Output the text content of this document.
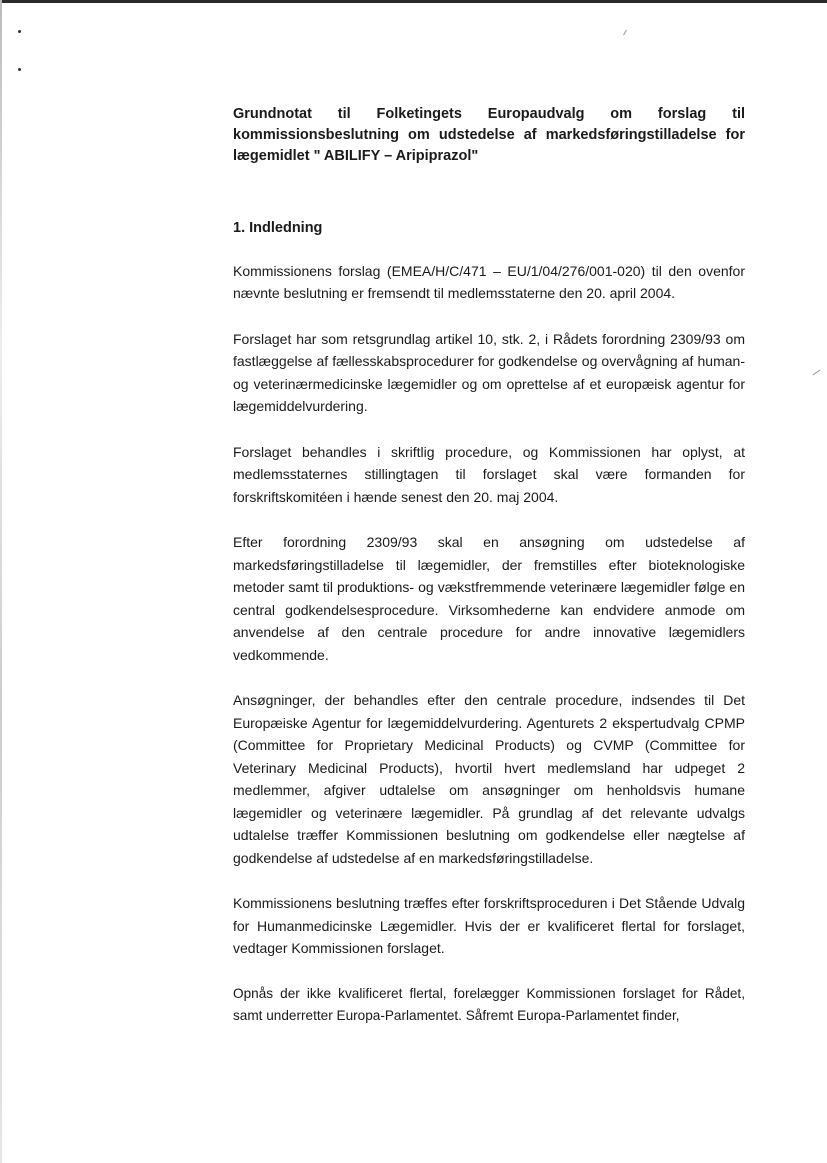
Grundnotat til Folketingets Europaudvalg om forslag til kommissionsbeslutning om udstedelse af markedsføringstilladelse for lægemidlet " ABILIFY – Aripiprazol"

1. Indledning

Kommissionens forslag (EMEA/H/C/471 – EU/1/04/276/001-020) til den ovenfor nævnte beslutning er fremsendt til medlemsstaterne den 20. april 2004.

Forslaget har som retsgrundlag artikel 10, stk. 2, i Rådets forordning 2309/93 om fastlæggelse af fællesskabsprocedurer for godkendelse og overvågning af human- og veterinærmedicinske lægemidler og om oprettelse af et europæisk agentur for lægemiddelvurdering.

Forslaget behandles i skriftlig procedure, og Kommissionen har oplyst, at medlemsstaternes stillingtagen til forslaget skal være formanden for forskriftskomitéen i hænde senest den 20. maj 2004.

Efter forordning 2309/93 skal en ansøgning om udstedelse af markedsføringstilladelse til lægemidler, der fremstilles efter bioteknologiske metoder samt til produktions- og vækstfremmende veterinære lægemidler følge en central godkendelsesprocedure. Virksomhederne kan endvidere anmode om anvendelse af den centrale procedure for andre innovative lægemidlers vedkommende.

Ansøgninger, der behandles efter den centrale procedure, indsendes til Det Europæiske Agentur for lægemiddelvurdering. Agenturets 2 ekspertudvalg CPMP (Committee for Proprietary Medicinal Products) og CVMP (Committee for Veterinary Medicinal Products), hvortil hvert medlemsland har udpeget 2 medlemmer, afgiver udtalelse om ansøgninger om henholdsvis humane lægemidler og veterinære lægemidler. På grundlag af det relevante udvalgs udtalelse træffer Kommissionen beslutning om godkendelse eller nægtelse af godkendelse af udstedelse af en markedsføringstilladelse.

Kommissionens beslutning træffes efter forskriftsproceduren i Det Stående Udvalg for Humanmedicinske Lægemidler. Hvis der er kvalificeret flertal for forslaget, vedtager Kommissionen forslaget.

Opnås der ikke kvalificeret flertal, forelægger Kommissionen forslaget for Rådet, samt underretter Europa-Parlamentet. Såfremt Europa-Parlamentet finder,
